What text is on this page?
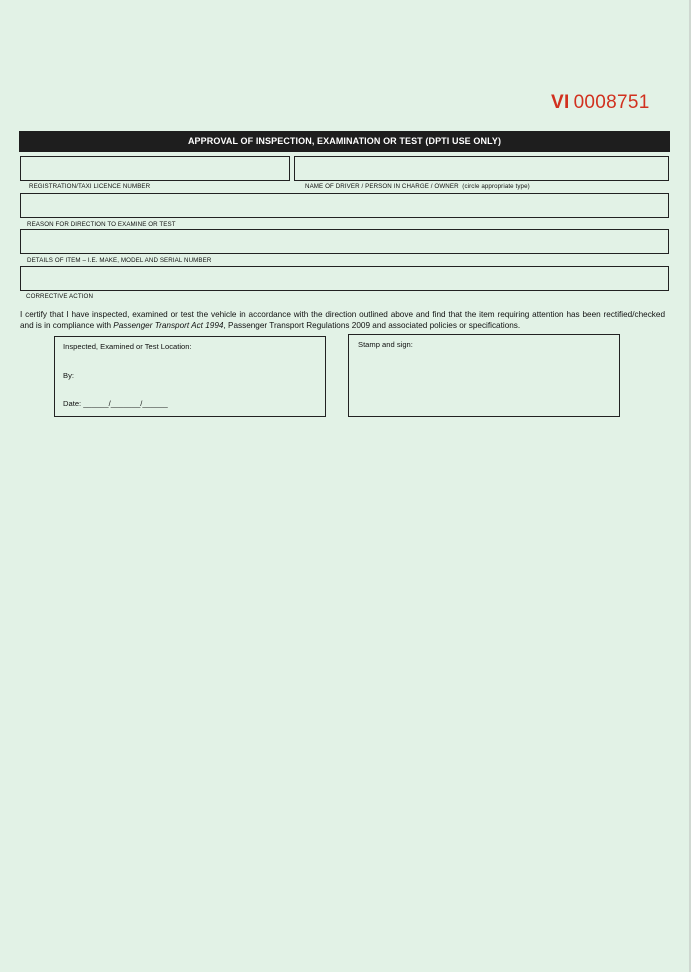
VI 0008751
APPROVAL OF INSPECTION, EXAMINATION OR TEST (DPTI USE ONLY)
REGISTRATION/TAXI LICENCE NUMBER	NAME OF DRIVER / PERSON IN CHARGE / OWNER (circle appropriate type)
REASON FOR DIRECTION TO EXAMINE OR TEST
DETAILS OF ITEM – I.E. MAKE, MODEL AND SERIAL NUMBER
CORRECTIVE ACTION
I certify that I have inspected, examined or test the vehicle in accordance with the direction outlined above and find that the item requiring attention has been rectified/checked and is in compliance with Passenger Transport Act 1994, Passenger Transport Regulations 2009 and associated policies or specifications.
Inspected, Examined or Test Location:
By:
Date: ______/_______/______
Stamp and sign:
